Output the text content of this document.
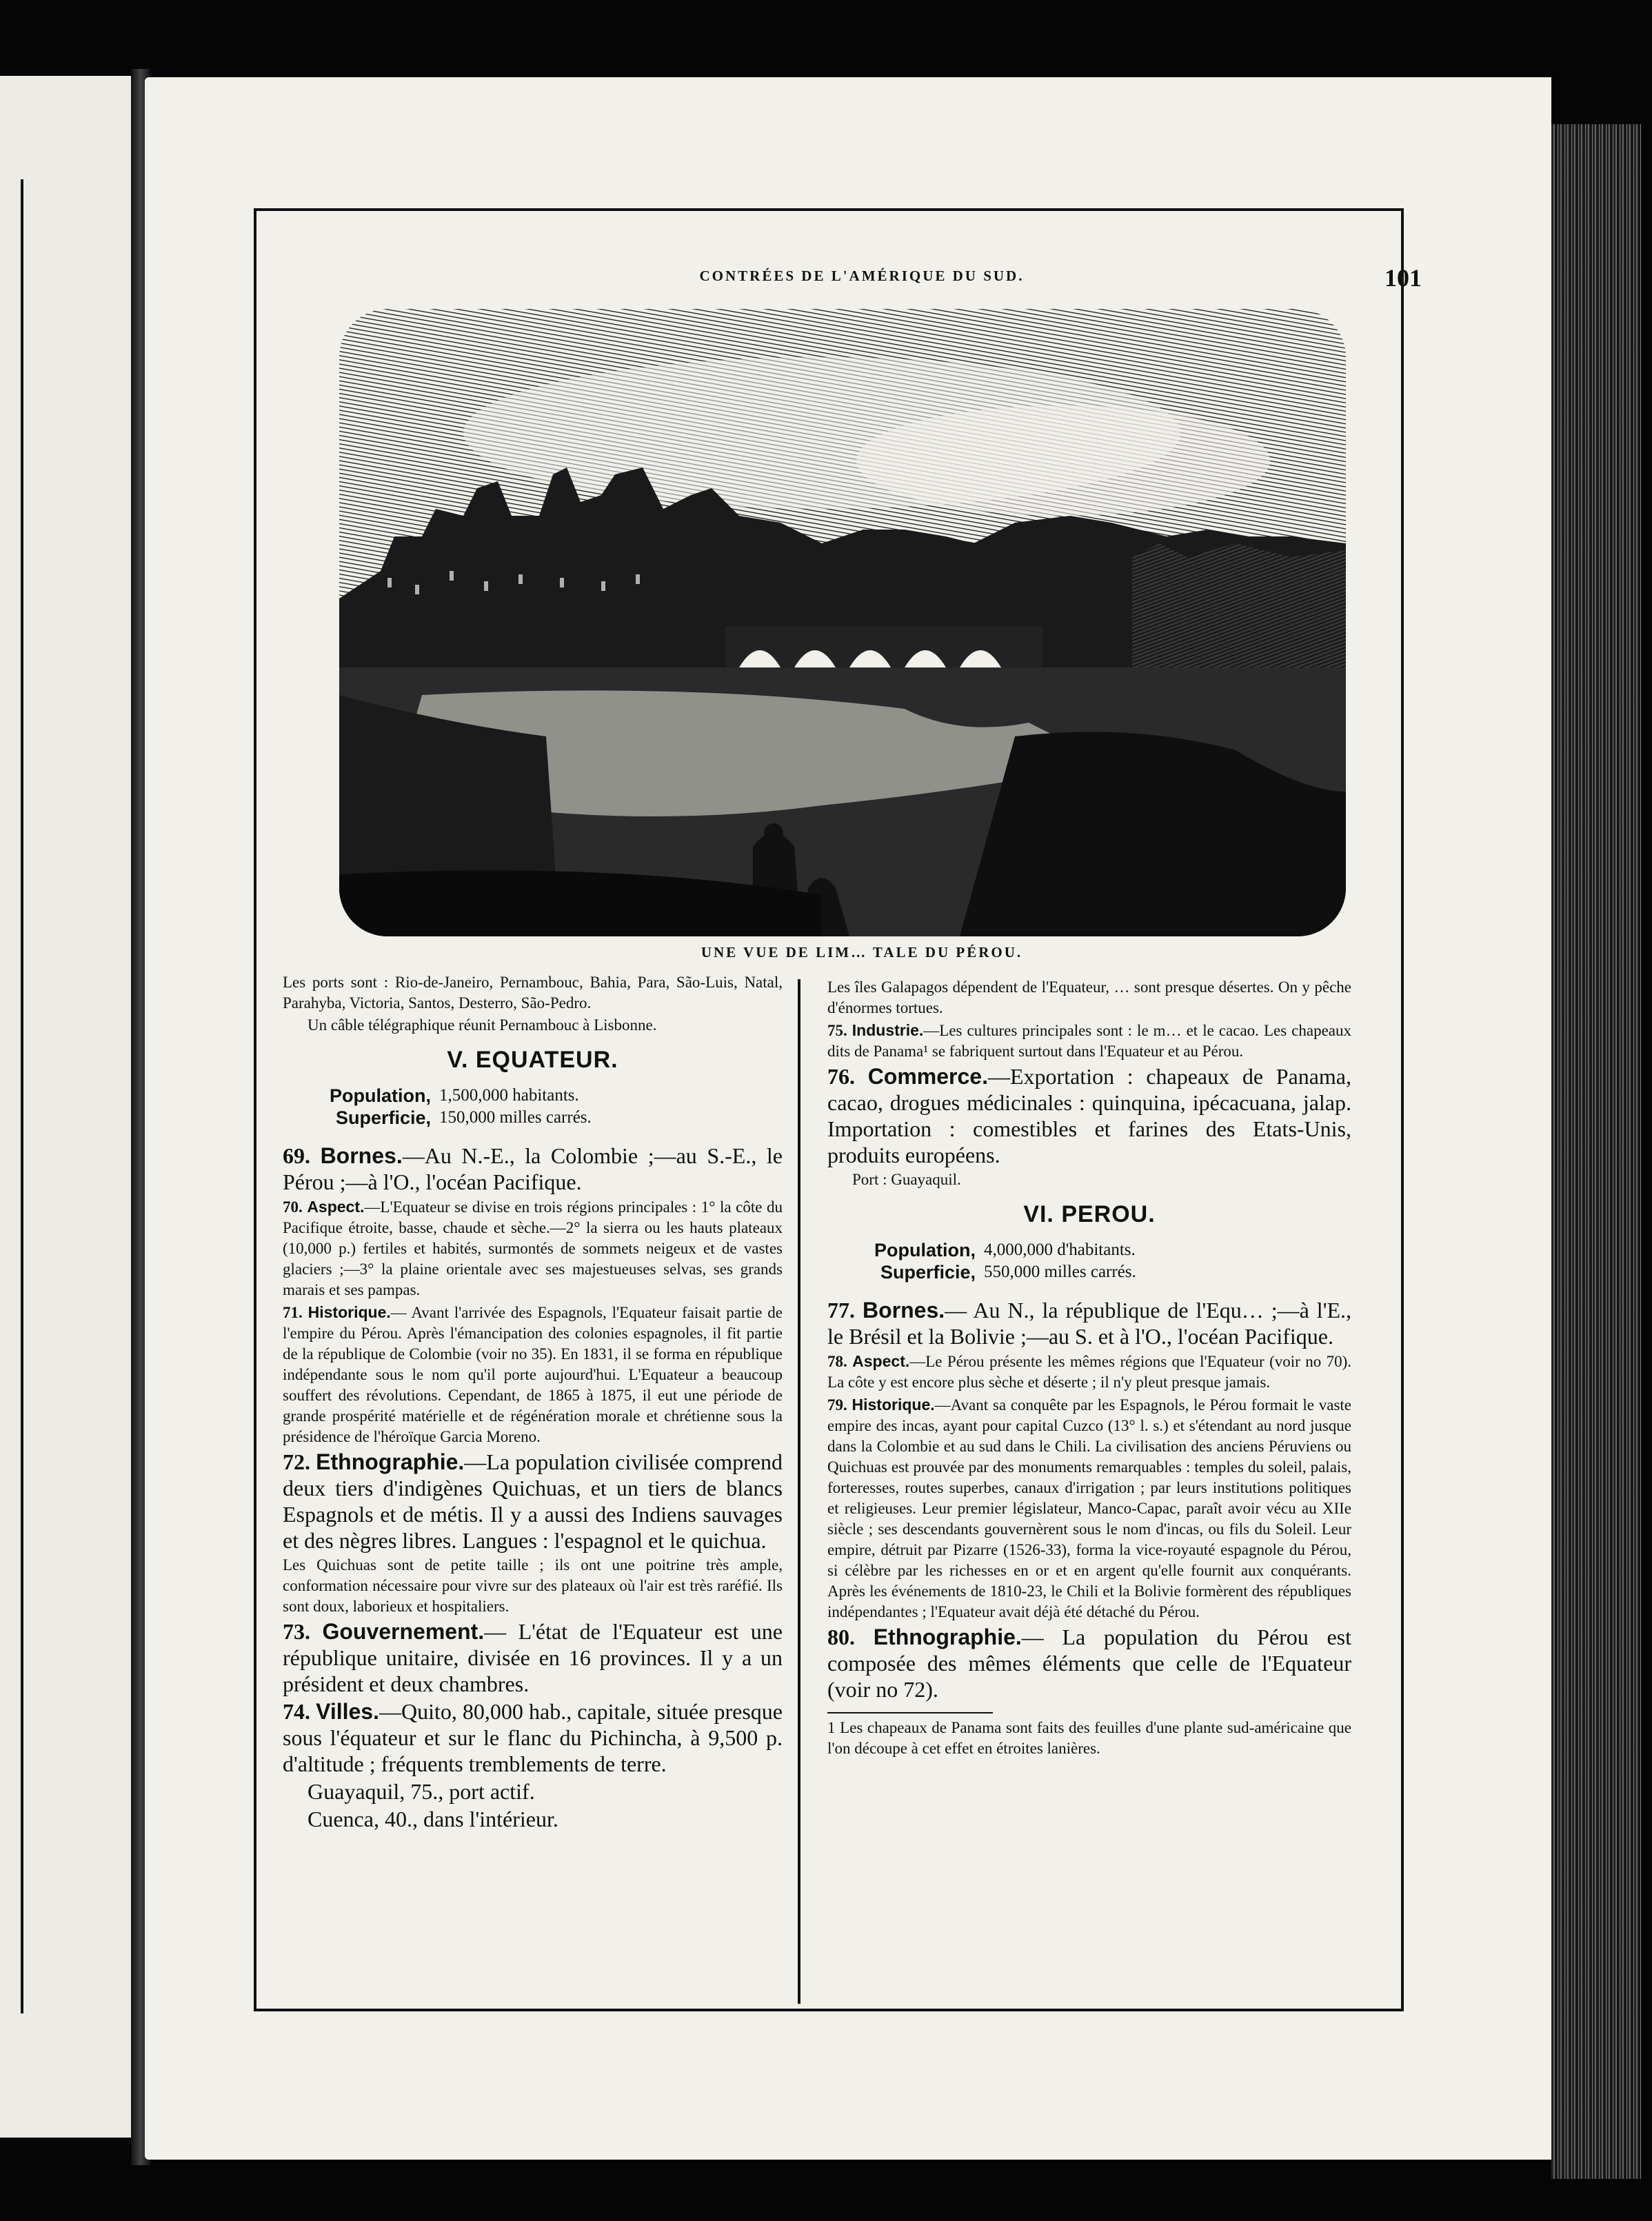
CONTRÉES DE L'AMÉRIQUE DU SUD.	101
UNE VUE DE LIM… TALE DU PÉROU.

Les ports sont : Rio-de-Janeiro, Pernambouc, Bahia, Para, São-Luis, Natal, Parahyba, Victoria, Santos, Desterro, São-Pedro.

Un câble télégraphique réunit Pernambouc à Lisbonne.

V. EQUATEUR.
Population, 1,500,000 habitants.
Superficie, 150,000 milles carrés.

69. Bornes.—Au N.-E., la Colombie ;—au S.-E., le Pérou ;—à l'O., l'océan Pacifique.

70. Aspect.—L'Equateur se divise en trois régions principales : 1° la côte du Pacifique étroite, basse, chaude et sèche.—2° la sierra ou les hauts plateaux (10,000 p.) fertiles et habités, surmontés de sommets neigeux et de vastes glaciers ;—3° la plaine orientale avec ses majestueuses selvas, ses grands marais et ses pampas.

71. Historique.— Avant l'arrivée des Espagnols, l'Equateur faisait partie de l'empire du Pérou. Après l'émancipation des colonies espagnoles, il fit partie de la république de Colombie (voir no 35). En 1831, il se forma en république indépendante sous le nom qu'il porte aujourd'hui. L'Equateur a beaucoup souffert des révolutions. Cependant, de 1865 à 1875, il eut une période de grande prospérité matérielle et de régénération morale et chrétienne sous la présidence de l'héroïque Garcia Moreno.

72. Ethnographie.—La population civilisée comprend deux tiers d'indigènes Quichuas, et un tiers de blancs Espagnols et de métis. Il y a aussi des Indiens sauvages et des nègres libres. Langues : l'espagnol et le quichua.

Les Quichuas sont de petite taille ; ils ont une poitrine très ample, conformation nécessaire pour vivre sur des plateaux où l'air est très raréfié. Ils sont doux, laborieux et hospitaliers.

73. Gouvernement.— L'état de l'Equateur est une république unitaire, divisée en 16 provinces. Il y a un président et deux chambres.

74. Villes.—Quito, 80,000 hab., capitale, située presque sous l'équateur et sur le flanc du Pichincha, à 9,500 p. d'altitude ; fréquents tremblements de terre.

Guayaquil, 75., port actif.

Cuenca, 40., dans l'intérieur.

Les îles Galapagos dépendent de l'Equateur, … sont presque désertes. On y pêche d'énormes tortues.

75. Industrie.—Les cultures principales sont : le m… et le cacao. Les chapeaux dits de Panama¹ se fabriquent surtout dans l'Equateur et au Pérou.

76. Commerce.—Exportation : chapeaux de Panama, cacao, drogues médicinales : quinquina, ipécacuana, jalap. Importation : comestibles et farines des Etats-Unis, produits européens.

Port : Guayaquil.

VI. PEROU.
Population, 4,000,000 d'habitants.
Superficie, 550,000 milles carrés.

77. Bornes.— Au N., la république de l'Equ… ;—à l'E., le Brésil et la Bolivie ;—au S. et à l'O., l'océan Pacifique.

78. Aspect.—Le Pérou présente les mêmes régions que l'Equateur (voir no 70). La côte y est encore plus sèche et déserte ; il n'y pleut presque jamais.

79. Historique.—Avant sa conquête par les Espagnols, le Pérou formait le vaste empire des incas, ayant pour capital Cuzco (13° l. s.) et s'étendant au nord jusque dans la Colombie et au sud dans le Chili. La civilisation des anciens Péruviens ou Quichuas est prouvée par des monuments remarquables : temples du soleil, palais, forteresses, routes superbes, canaux d'irrigation ; par leurs institutions politiques et religieuses. Leur premier législateur, Manco-Capac, paraît avoir vécu au XIIe siècle ; ses descendants gouvernèrent sous le nom d'incas, ou fils du Soleil. Leur empire, détruit par Pizarre (1526-33), forma la vice-royauté espagnole du Pérou, si célèbre par les richesses en or et en argent qu'elle fournit aux conquérants. Après les événements de 1810-23, le Chili et la Bolivie formèrent des républiques indépendantes ; l'Equateur avait déjà été détaché du Pérou.

80. Ethnographie.— La population du Pérou est composée des mêmes éléments que celle de l'Equateur (voir no 72).

1 Les chapeaux de Panama sont faits des feuilles d'une plante sud-américaine que l'on découpe à cet effet en étroites lanières.
